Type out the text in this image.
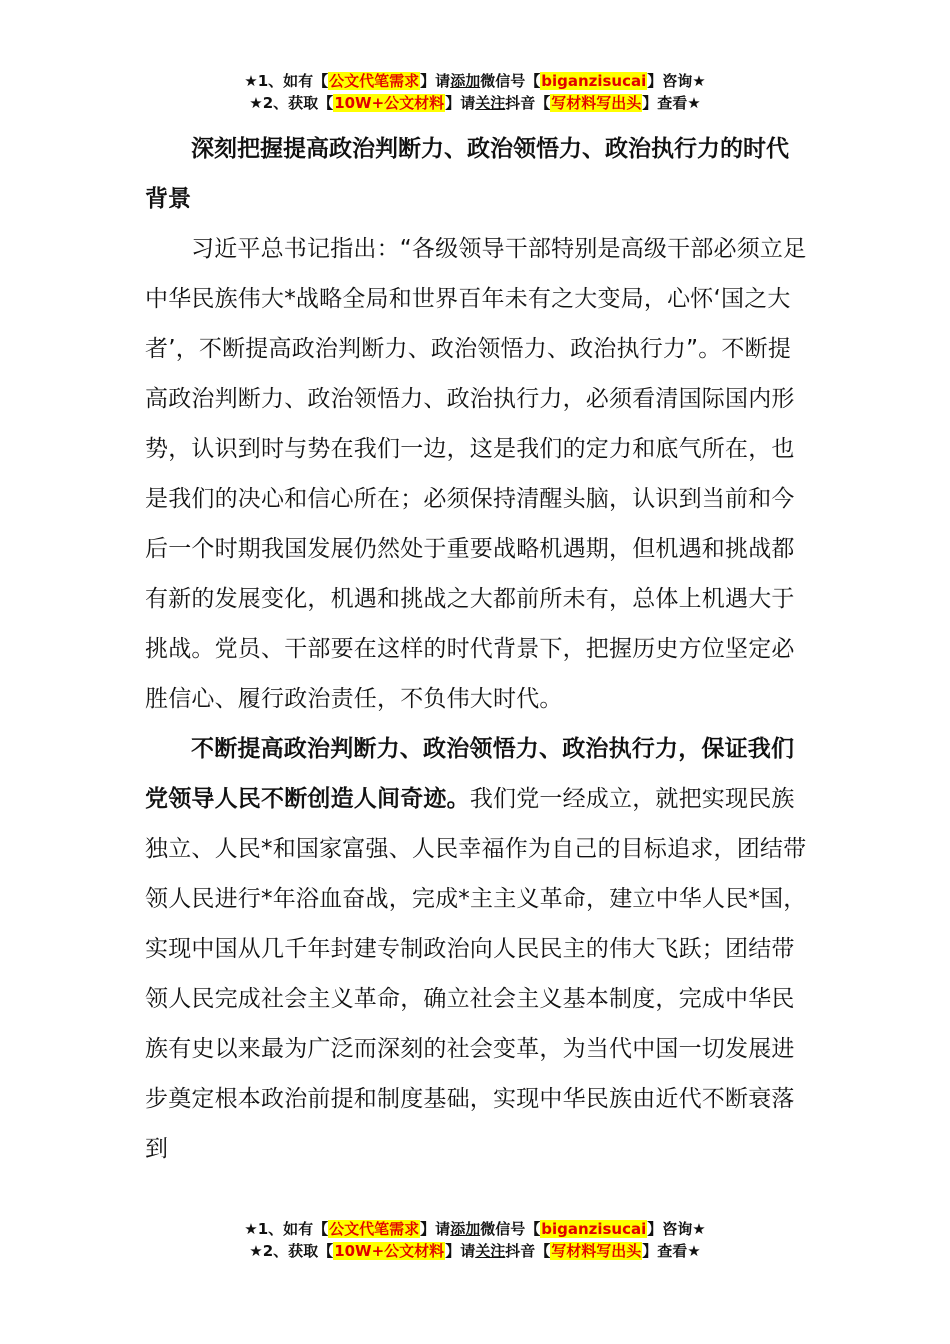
★1、如有【公文代笔需求】请添加微信号【biganzisucai】咨询★
★2、获取【10W+公文材料】请关注抖音【写材料写出头】查看★

深刻把握提高政治判断力、政治领悟力、政治执行力的时代背景

习近平总书记指出：“各级领导干部特别是高级干部必须立足中华民族伟大*战略全局和世界百年未有之大变局，心怀‘国之大者’，不断提高政治判断力、政治领悟力、政治执行力”。不断提高政治判断力、政治领悟力、政治执行力，必须看清国际国内形势，认识到时与势在我们一边，这是我们的定力和底气所在，也是我们的决心和信心所在；必须保持清醒头脑，认识到当前和今后一个时期我国发展仍然处于重要战略机遇期，但机遇和挑战都有新的发展变化，机遇和挑战之大都前所未有，总体上机遇大于挑战。党员、干部要在这样的时代背景下，把握历史方位坚定必胜信心、履行政治责任，不负伟大时代。

不断提高政治判断力、政治领悟力、政治执行力，保证我们党领导人民不断创造人间奇迹。我们党一经成立，就把实现民族独立、人民*和国家富强、人民幸福作为自己的目标追求，团结带领人民进行*年浴血奋战，完成*主主义革命，建立中华人民*国，实现中国从几千年封建专制政治向人民民主的伟大飞跃；团结带领人民完成社会主义革命，确立社会主义基本制度，完成中华民族有史以来最为广泛而深刻的社会变革，为当代中国一切发展进步奠定根本政治前提和制度基础，实现中华民族由近代不断衰落到

★1、如有【公文代笔需求】请添加微信号【biganzisucai】咨询★
★2、获取【10W+公文材料】请关注抖音【写材料写出头】查看★
